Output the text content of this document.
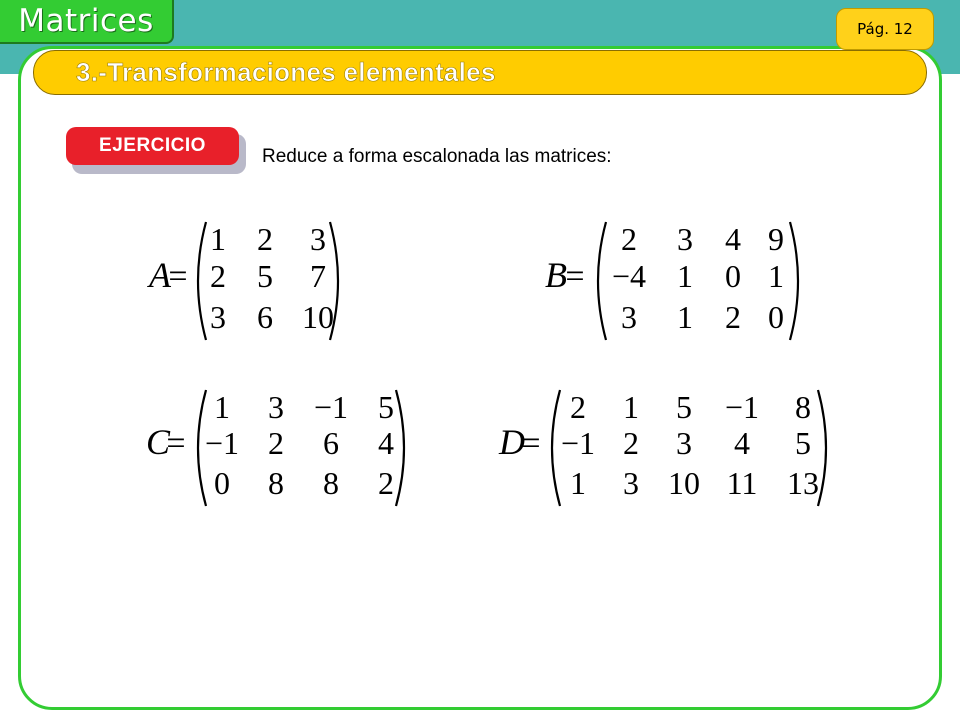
Matrices	Pág. 12
3.-Transformaciones elementales
EJERCICIO
Reduce a forma escalonada las matrices:
A
=
1 2 3
2 5 7
3 6 10
B
=
2 3 4 9
−4 1 0 1
3 1 2 0
C
=
1 3 −1 5
−1 2 6 4
0 8 8 2
D
=
2 1 5 −1 8
−1 2 3 4 5
1 3 10 11 13
